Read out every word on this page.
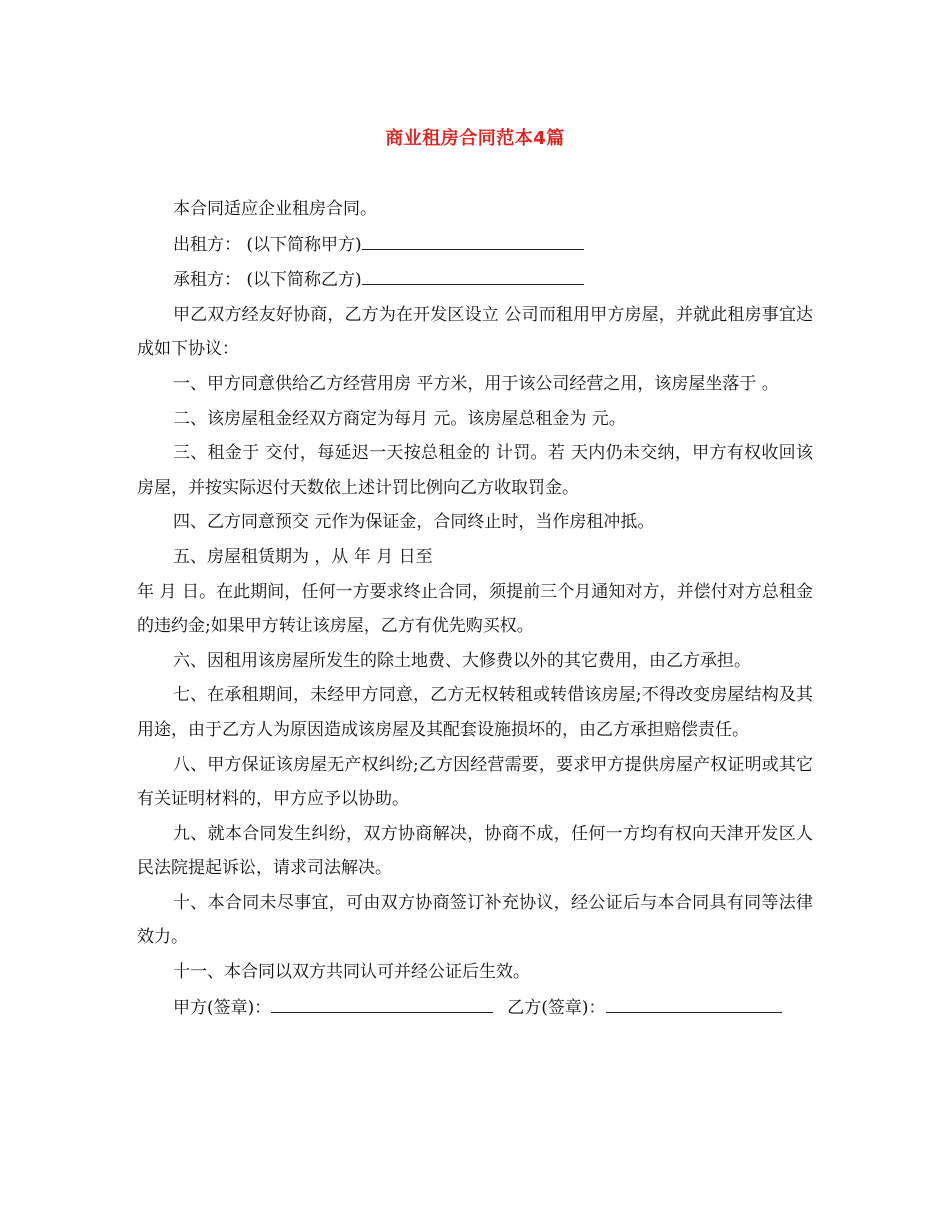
商业租房合同范本4篇

本合同适应企业租房合同。

出租方： (以下简称甲方)

承租方： (以下简称乙方)

甲乙双方经友好协商，乙方为在开发区设立 公司而租用甲方房屋，并就此租房事宜达成如下协议：

一、甲方同意供给乙方经营用房 平方米，用于该公司经营之用，该房屋坐落于 。

二、该房屋租金经双方商定为每月 元。该房屋总租金为 元。

三、租金于 交付，每延迟一天按总租金的 计罚。若 天内仍未交纳，甲方有权收回该房屋，并按实际迟付天数依上述计罚比例向乙方收取罚金。

四、乙方同意预交 元作为保证金，合同终止时，当作房租冲抵。

五、房屋租赁期为 ，从 年 月 日至

年 月 日。在此期间，任何一方要求终止合同，须提前三个月通知对方，并偿付对方总租金 的违约金;如果甲方转让该房屋，乙方有优先购买权。

六、因租用该房屋所发生的除土地费、大修费以外的其它费用，由乙方承担。

七、在承租期间，未经甲方同意，乙方无权转租或转借该房屋;不得改变房屋结构及其用途，由于乙方人为原因造成该房屋及其配套设施损坏的，由乙方承担赔偿责任。

八、甲方保证该房屋无产权纠纷;乙方因经营需要，要求甲方提供房屋产权证明或其它有关证明材料的，甲方应予以协助。

九、就本合同发生纠纷，双方协商解决，协商不成，任何一方均有权向天津开发区人民法院提起诉讼，请求司法解决。

十、本合同未尽事宜，可由双方协商签订补充协议，经公证后与本合同具有同等法律效力。

十一、本合同以双方共同认可并经公证后生效。

甲方(签章)：	乙方(签章)：
